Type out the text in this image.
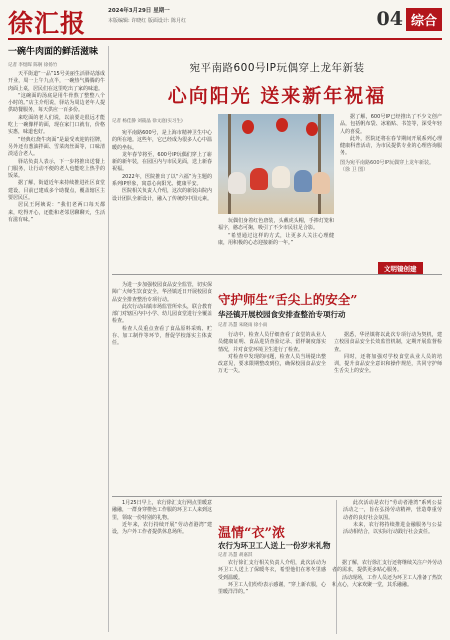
徐汇报	2024年3月29日 星期一
本版编辑: 许晓红 版面设计: 陈月红	04 综合
一碗牛肉面的鲜活滋味
记者 李煜晖 陈舸 徐扬竹

天平街道“一品”15号美丽生活驿站落成开业，周一上午九点半，一碗热气腾腾的牛肉面上桌，居民们在这里吃出了家的味道。

“这碗面的汤底是用牛骨熬了整整八个小时的。”店主介绍说，驿站为周边老年人提供助餐服务，每天供应一百多份。

来吃面的老人们说，以前要走很远才能吃上一碗像样的面，现在家门口就有，价格实惠，味道也好。

“经典红烧牛肉面”是最受欢迎的招牌，另外还有葱油拌面、雪菜肉丝面等，口味清淡适合老人。

驿站负责人表示，下一步将推出送餐上门服务，让行动不便的老人也能吃上热乎的饭菜。

据了解，街道近年来持续推进社区食堂建设，目前已建成多个助餐点，覆盖辖区主要居民区。

居民王阿姨说：“我们老两口每天都来，吃得开心，还能和老邻居聊聊天，生活有滋有味。”

宛平南路600号IP玩偶穿上龙年新装
心向阳光 送来新年祝福
记者 杨佳静 刘筱晶 徐文庭(实习生)

宛平南路600号，是上海市精神卫生中心的所在地。这些年，它已经成为很多人心中温暖的坐标。

龙年春节将至，600号IP玩偶们穿上了崭新的新年装，在园区内与市民见面，送上新春祝福。

2022年，医院推出了以“六福”为主题的系列IP形象，寓意心向阳光、健康平安。

医院相关负责人介绍，这次的新装由院内设计团队全新设计，融入了传统的中国元素。

玩偶们身着红色唐装，头戴虎头帽，手捧灯笼和福字，憨态可掬，吸引了不少市民驻足合影。

“希望通过这样的方式，让更多人关注心理健康，用积极的心态迎接新的一年。”

据了解，600号IP已经推出了不少文创产品，包括帆布袋、冰箱贴、书签等，深受年轻人的喜爱。

此外，医院还将在春节期间开展系列心理健康科普活动，为市民提供专业的心理咨询服务。

图为宛平南路600号IP玩偶穿上龙年新装。

（徐 卫 图）

文明镜创建

为进一步加强校园食品安全监管，切实保障广大师生饮食安全，华泾镇近日开展校园食品安全排查整治专项行动。

此次行动由镇市场监管所牵头，联合教育部门对辖区内中小学、幼儿园食堂进行全覆盖检查。

检查人员重点查看了食品原料采购、贮存、加工制作等环节，督促学校落实主体责任。

守护师生“舌尖上的安全”
华泾镇开展校园食安排查整治专项行动
记者 冯慧 朱晓雨 徐小雨

行动中，检查人员仔细查看了食堂的从业人员健康证明、食品进货查验记录、留样制度落实情况，并对食堂环境卫生进行了检查。

对检查中发现的问题，检查人员当场提出整改意见，要求限期整改到位，确保校园食品安全万无一失。

据悉，华泾镇将以此次专项行动为契机，建立校园食品安全长效监管机制，定期开展监督检查。

同时，还将加强对学校食堂从业人员的培训，提升食品安全意识和操作规范，共同守护师生舌尖上的安全。

1月25日早上，农行徐汇支行网点里暖意融融，一群身穿橙色工作服的环卫工人来到这里，领取一份特别的礼物。

近年来，农行持续开展“劳动者港湾”建设，为户外工作者提供休息场所。	温情“衣”浓
农行为环卫工人送上一份岁末礼物
记者 冯慧 胡嘉淇

农行徐汇支行相关负责人介绍，此次活动为环卫工人送上了保暖冬衣，希望他们在寒冬里感受到温暖。

环卫工人们纷纷表示感谢，“穿上新衣服，心里暖洋洋的。”

据了解，农行徐汇支行还将继续关注户外劳动者的需求，提供更多贴心服务。

活动现场，工作人员还为环卫工人准备了热饮和点心，大家欢聚一堂，其乐融融。

此次活动是农行“劳动者港湾”系列公益活动之一，旨在弘扬劳动精神，营造尊重劳动者的良好社会氛围。

未来，农行将持续推进金融服务与公益活动相结合，以实际行动践行社会责任。
